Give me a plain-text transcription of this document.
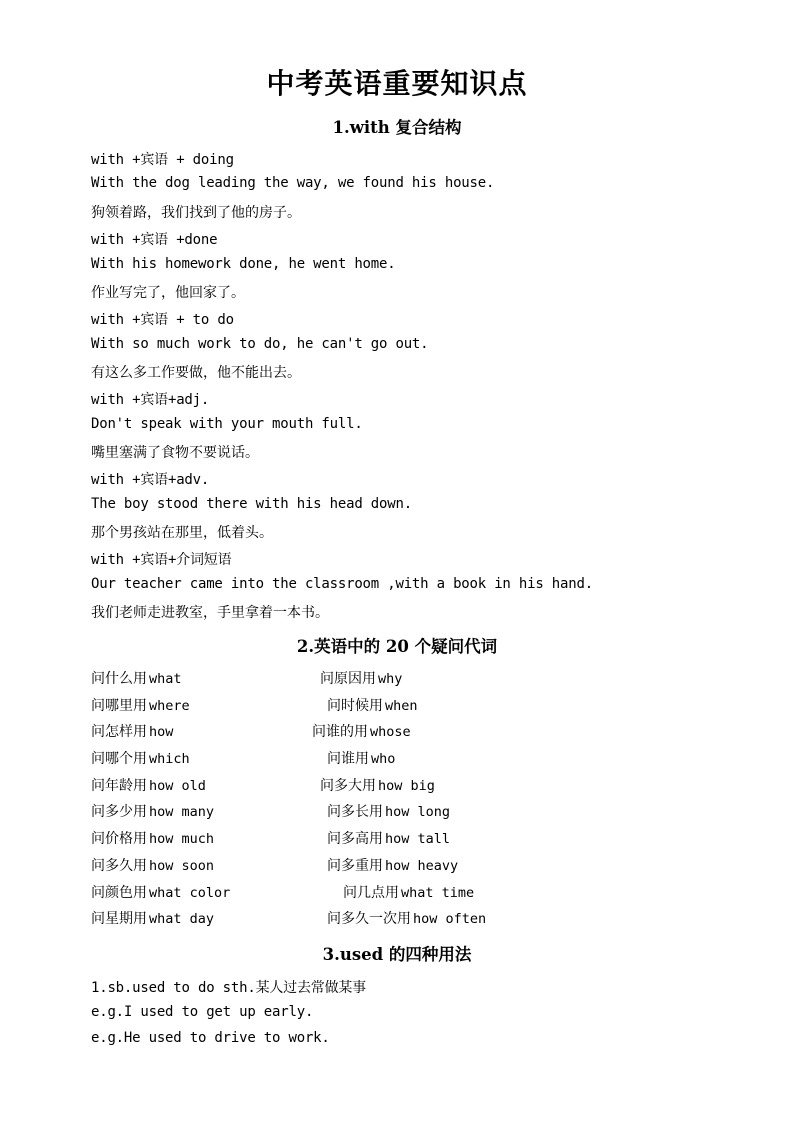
中考英语重要知识点
1.with 复合结构
with +宾语 + doing
With the dog leading the way, we found his house.
狗领着路，我们找到了他的房子。
with +宾语 +done
With his homework done, he went home.
作业写完了，他回家了。
with +宾语 + to do
With so much work to do, he can't go out.
有这么多工作要做，他不能出去。
with +宾语+adj.
Don't speak with your mouth full.
嘴里塞满了食物不要说话。
with +宾语+adv.
The boy stood there with his head down.
那个男孩站在那里，低着头。
with +宾语+介词短语
Our teacher came into the classroom ,with a book in his hand.
我们老师走进教室，手里拿着一本书。
2.英语中的 20 个疑问代词
问什么用 what	问原因用 why
问哪里用 where	问时候用 when
问怎样用 how	问谁的用 whose
问哪个用 which	问谁用 who
问年龄用 how old	问多大用 how big
问多少用 how many	问多长用 how long
问价格用 how much	问多高用 how tall
问多久用 how soon	问多重用 how heavy
问颜色用 what color	问几点用 what time
问星期用 what day	问多久一次用 how often
3.used 的四种用法
1.sb.used to do sth.某人过去常做某事
e.g.I used to get up early.
e.g.He used to drive to work.
